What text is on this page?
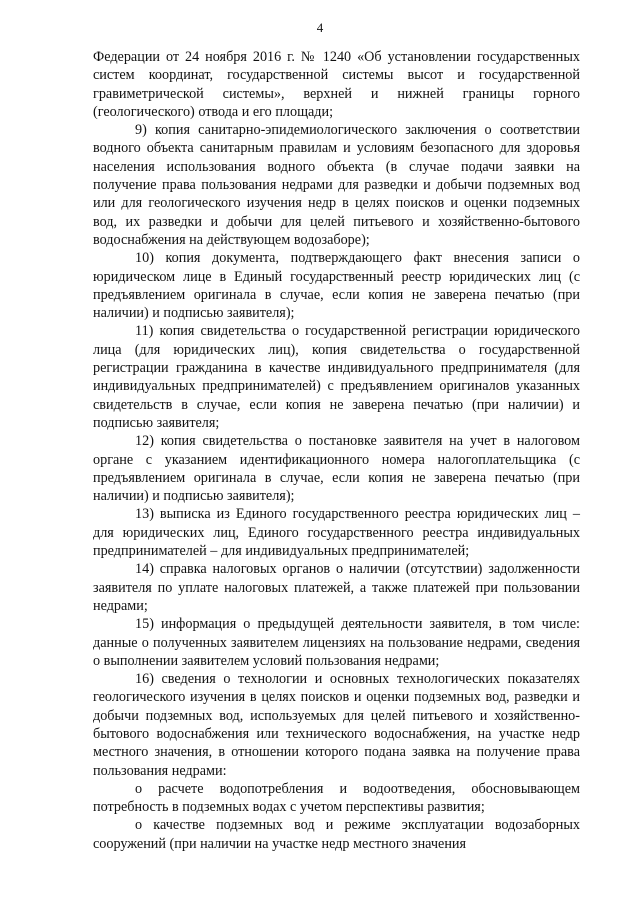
4

Федерации от 24 ноября 2016 г. № 1240 «Об установлении государственных систем координат, государственной системы высот и государственной гравиметрической системы», верхней и нижней границы горного (геологического) отвода и его площади;

9) копия санитарно-эпидемиологического заключения о соответствии водного объекта санитарным правилам и условиям безопасного для здоровья населения использования водного объекта (в случае подачи заявки на получение права пользования недрами для разведки и добычи подземных вод или для геологического изучения недр в целях поисков и оценки подземных вод, их разведки и добычи для целей питьевого и хозяйственно-бытового водоснабжения на действующем водозаборе);

10) копия документа, подтверждающего факт внесения записи о юридическом лице в Единый государственный реестр юридических лиц (с предъявлением оригинала в случае, если копия не заверена печатью (при наличии) и подписью заявителя);

11) копия свидетельства о государственной регистрации юридического лица (для юридических лиц), копия свидетельства о государственной регистрации гражданина в качестве индивидуального предпринимателя (для индивидуальных предпринимателей) с предъявлением оригиналов указанных свидетельств в случае, если копия не заверена печатью (при наличии) и подписью заявителя;

12) копия свидетельства о постановке заявителя на учет в налоговом органе с указанием идентификационного номера налогоплательщика (с предъявлением оригинала в случае, если копия не заверена печатью (при наличии) и подписью заявителя);

13) выписка из Единого государственного реестра юридических лиц – для юридических лиц, Единого государственного реестра индивидуальных предпринимателей – для индивидуальных предпринимателей;

14) справка налоговых органов о наличии (отсутствии) задолженности заявителя по уплате налоговых платежей, а также платежей при пользовании недрами;

15) информация о предыдущей деятельности заявителя, в том числе: данные о полученных заявителем лицензиях на пользование недрами, сведения о выполнении заявителем условий пользования недрами;

16) сведения о технологии и основных технологических показателях геологического изучения в целях поисков и оценки подземных вод, разведки и добычи подземных вод, используемых для целей питьевого и хозяйственно-бытового водоснабжения или технического водоснабжения, на участке недр местного значения, в отношении которого подана заявка на получение права пользования недрами:

о расчете водопотребления и водоотведения, обосновывающем потребность в подземных водах с учетом перспективы развития;

о качестве подземных вод и режиме эксплуатации водозаборных сооружений (при наличии на участке недр местного значения
